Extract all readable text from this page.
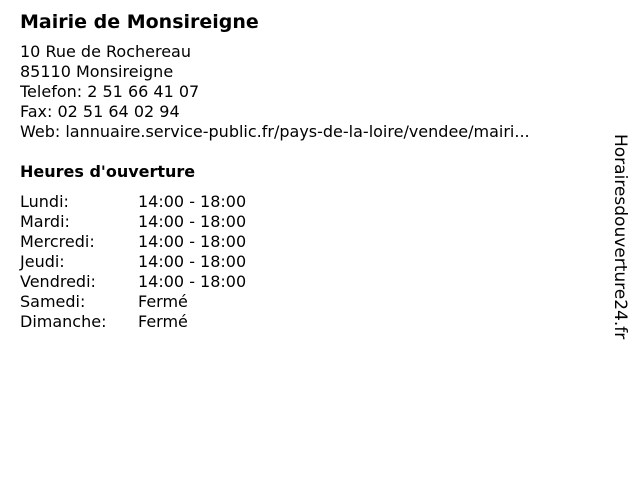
Mairie de Monsireigne
10 Rue de Rochereau
85110 Monsireigne
Telefon: 2 51 66 41 07
Fax: 02 51 64 02 94
Web: lannuaire.service-public.fr/pays-de-la-loire/vendee/mairi...
Heures d'ouverture
Lundi:	14:00 - 18:00
Mardi:	14:00 - 18:00
Mercredi:	14:00 - 18:00
Jeudi:	14:00 - 18:00
Vendredi:	14:00 - 18:00
Samedi:	Fermé
Dimanche:	Fermé	Horairesdouverture24.fr
